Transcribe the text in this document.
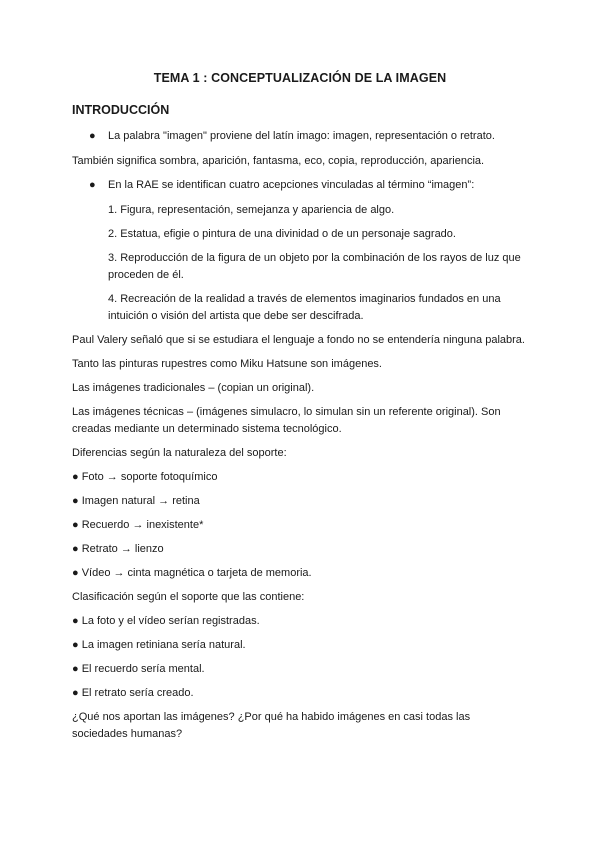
TEMA 1 : CONCEPTUALIZACIÓN DE LA IMAGEN
INTRODUCCIÓN
● La palabra "imagen" proviene del latín imago: imagen, representación o retrato.
También significa sombra, aparición, fantasma, eco, copia, reproducción, apariencia.
● En la RAE se identifican cuatro acepciones vinculadas al término “imagen”:
1. Figura, representación, semejanza y apariencia de algo.
2. Estatua, efigie o pintura de una divinidad o de un personaje sagrado.
3. Reproducción de la figura de un objeto por la combinación de los rayos de luz que proceden de él.
4. Recreación de la realidad a través de elementos imaginarios fundados en una intuición o visión del artista que debe ser descifrada.
Paul Valery señaló que si se estudiara el lenguaje a fondo no se entendería ninguna palabra.
Tanto las pinturas rupestres como Miku Hatsune son imágenes.
Las imágenes tradicionales – (copian un original).
Las imágenes técnicas – (imágenes simulacro, lo simulan sin un referente original). Son creadas mediante un determinado sistema tecnológico.
Diferencias según la naturaleza del soporte:
● Foto → soporte fotoquímico
● Imagen natural → retina
● Recuerdo → inexistente*
● Retrato → lienzo
● Vídeo → cinta magnética o tarjeta de memoria.
Clasificación según el soporte que las contiene:
● La foto y el vídeo serían registradas.
● La imagen retiniana sería natural.
● El recuerdo sería mental.
● El retrato sería creado.
¿Qué nos aportan las imágenes? ¿Por qué ha habido imágenes en casi todas las sociedades humanas?
